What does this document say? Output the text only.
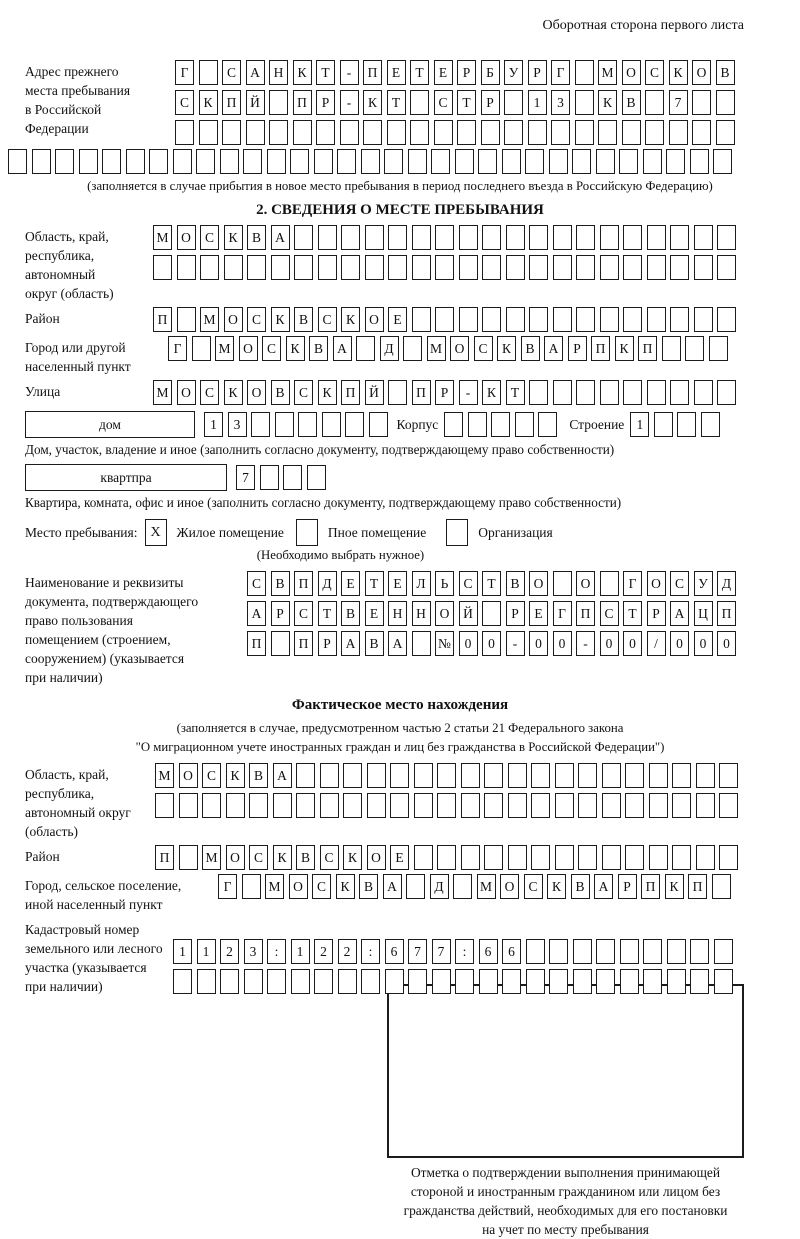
Оборотная сторона первого листа
Адрес прежнего
места пребывания
в Российской
Федерации
Г	С	А	Н	К	Т	-	П	Е	Т	Е	Р	Б	У	Р	Г	М О	С	К	О	В
С	К	П	Й	П	Р	-	К	Т	С	Т	Р	1	3	К	В	7
(заполняется в случае прибытия в новое место пребывания в период последнего въезда в Российскую Федерацию)
2. СВЕДЕНИЯ О МЕСТЕ ПРЕБЫВАНИЯ
Область, край,
республика,
автономный
округ (область)
М О	С	К	В	А
Район	П	М О	С	К	В	С	К	О	Е
Город или другой
населенный пункт
Г	М О	С	К	В	А	Д	М О	С	К	В	А	Р	П	К	П
Улица	М О	С	К	О	В	С	К	П	Й	П	Р	-	К	Т
дом	1	3	Корпус	Строение 1
Дом, участок, владение и иное (заполнить согласно документу, подтверждающему право собственности)
квартпра	7
Квартира, комната, офис и иное (заполнить согласно документу, подтверждающему право собственности)
Место пребывания: X	Жилое помещение	Пное помещение	Организация
(Необходимо выбрать нужное)
Наименование и реквизиты
документа, подтверждающего
право пользования
помещением (строением,
сооружением) (указывается
при наличии)
С	В	П	Д	Е	Т	Е	Л	Ь	С	Т	В	О	О	Г	О	С	У	Д
А	Р	С	Т	В	Е	Н	Н	О	Й	Р	Е	Г	П	С	Т	Р	А	Ц	П
П	П	Р	А	В	А	№	0	0	-	0	0	-	0	0	/	0	0	0
Фактическое место нахождения
(заполняется в случае, предусмотренном частью 2 статьи 21 Федерального закона
"О миграционном учете иностранных граждан и лиц без гражданства в Российской Федерации")
Область, край,
республика,
автономный округ
(область)
М О	С	К	В	А
Район	П	М О	С	К	В	С	К	О	Е
Город, сельское поселение,
иной населенный пункт
Г	М О	С	К	В	А	Д	М О	С	К	В	А	Р	П	К	П
Кадастровый номер
земельного или лесного
участка (указывается
при наличии)
1	1	2	3	:	1	2	2	:	6	7	7	:	6	6
Отметка о подтверждении выполнения принимающей
стороной и иностранным гражданином или лицом без
гражданства действий, необходимых для его постановки
на учет по месту пребывания
